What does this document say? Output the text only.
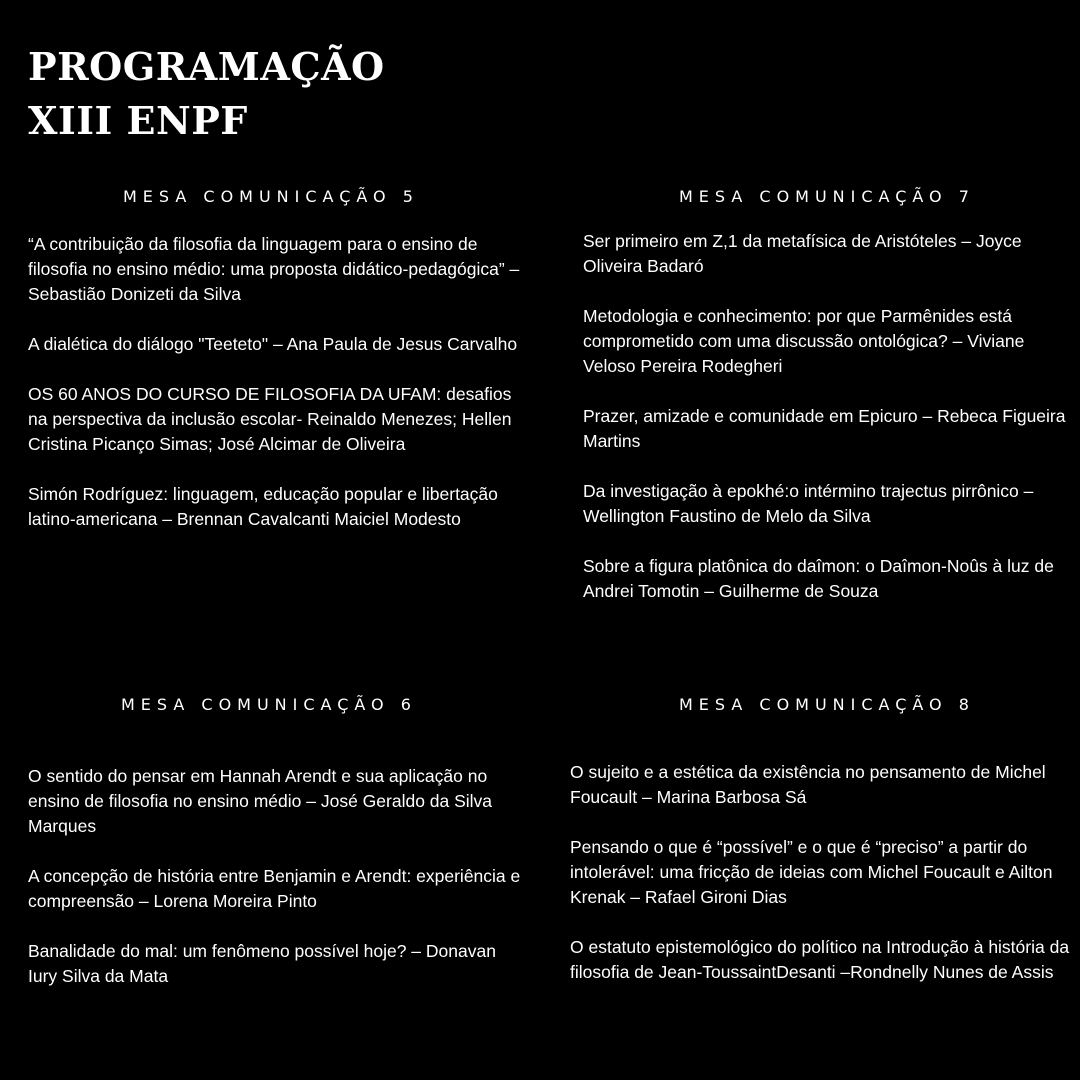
PROGRAMAÇÃO
XIII ENPF
MESA COMUNICAÇÃO 5

“A contribuição da filosofia da linguagem para o ensino de filosofia no ensino médio: uma proposta didático-pedagógica” – Sebastião Donizeti da Silva

A dialética do diálogo "Teeteto" – Ana Paula de Jesus Carvalho

OS 60 ANOS DO CURSO DE FILOSOFIA DA UFAM: desafios na perspectiva da inclusão escolar- Reinaldo Menezes; Hellen Cristina Picanço Simas; José Alcimar de Oliveira

Simón Rodríguez: linguagem, educação popular e libertação latino-americana – Brennan Cavalcanti Maiciel Modesto

MESA COMUNICAÇÃO 7

Ser primeiro em Z,1 da metafísica de Aristóteles – Joyce Oliveira Badaró

Metodologia e conhecimento: por que Parmênides está comprometido com uma discussão ontológica? – Viviane Veloso Pereira Rodegheri

Prazer, amizade e comunidade em Epicuro – Rebeca Figueira Martins

Da investigação à epokhé:o intérmino trajectus pirrônico – Wellington Faustino de Melo da Silva

Sobre a figura platônica do daîmon: o Daîmon-Noûs à luz de Andrei Tomotin – Guilherme de Souza

MESA COMUNICAÇÃO 6

O sentido do pensar em Hannah Arendt e sua aplicação no ensino de filosofia no ensino médio – José Geraldo da Silva Marques

A concepção de história entre Benjamin e Arendt: experiência e compreensão – Lorena Moreira Pinto

Banalidade do mal: um fenômeno possível hoje? – Donavan Iury Silva da Mata

MESA COMUNICAÇÃO 8

O sujeito e a estética da existência no pensamento de Michel Foucault – Marina Barbosa Sá

Pensando o que é “possível” e o que é “preciso” a partir do intolerável: uma fricção de ideias com Michel Foucault e Ailton Krenak – Rafael Gironi Dias

O estatuto epistemológico do político na Introdução à história da filosofia de Jean-ToussaintDesanti –Rondnelly Nunes de Assis
